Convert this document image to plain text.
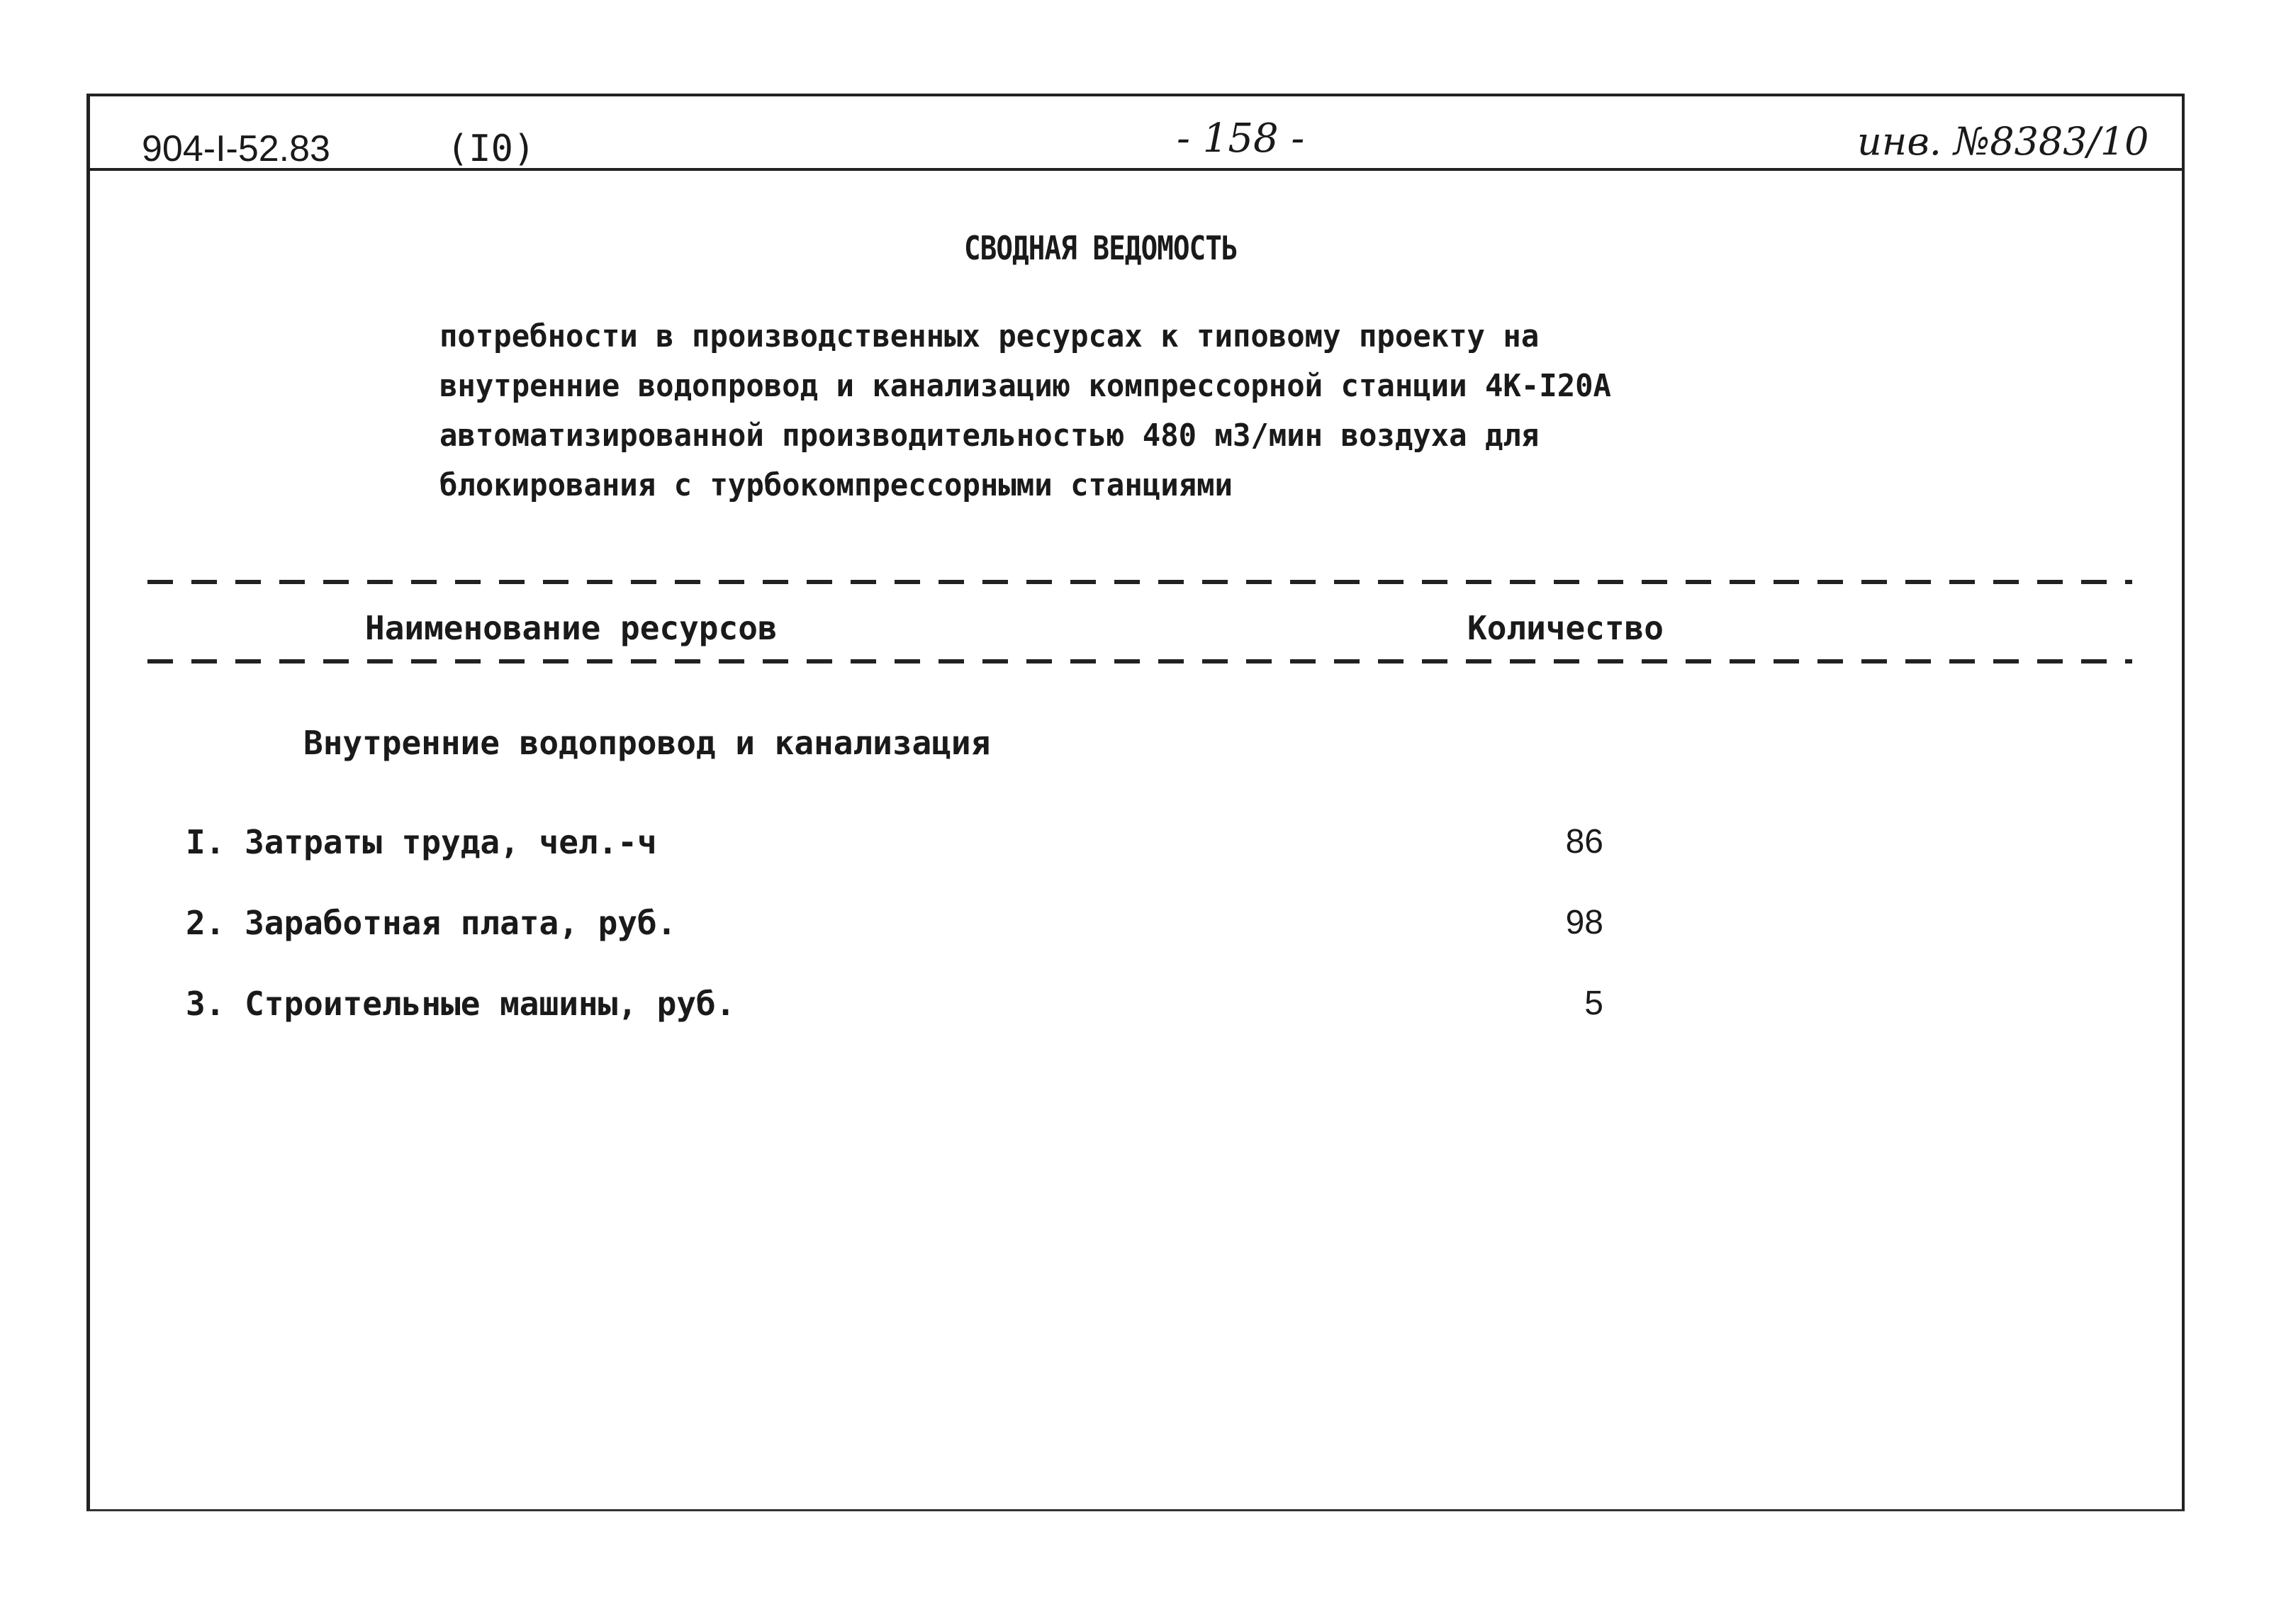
904-I-52.83	(I0)	- 158 -	инв. №8383/10
СВОДНАЯ ВЕДОМОСТЬ
потребности в производственных ресурсах к типовому проекту на
внутренние водопровод и канализацию компрессорной станции 4К-I20А
автоматизированной производительностью 480 м3/мин воздуха для
блокирования с турбокомпрессорными станциями
Наименование ресурсов	Количество
Внутренние водопровод и канализация
I. Затраты труда, чел.-ч	86
2. Заработная плата, руб.	98
3. Строительные машины, руб.	5
